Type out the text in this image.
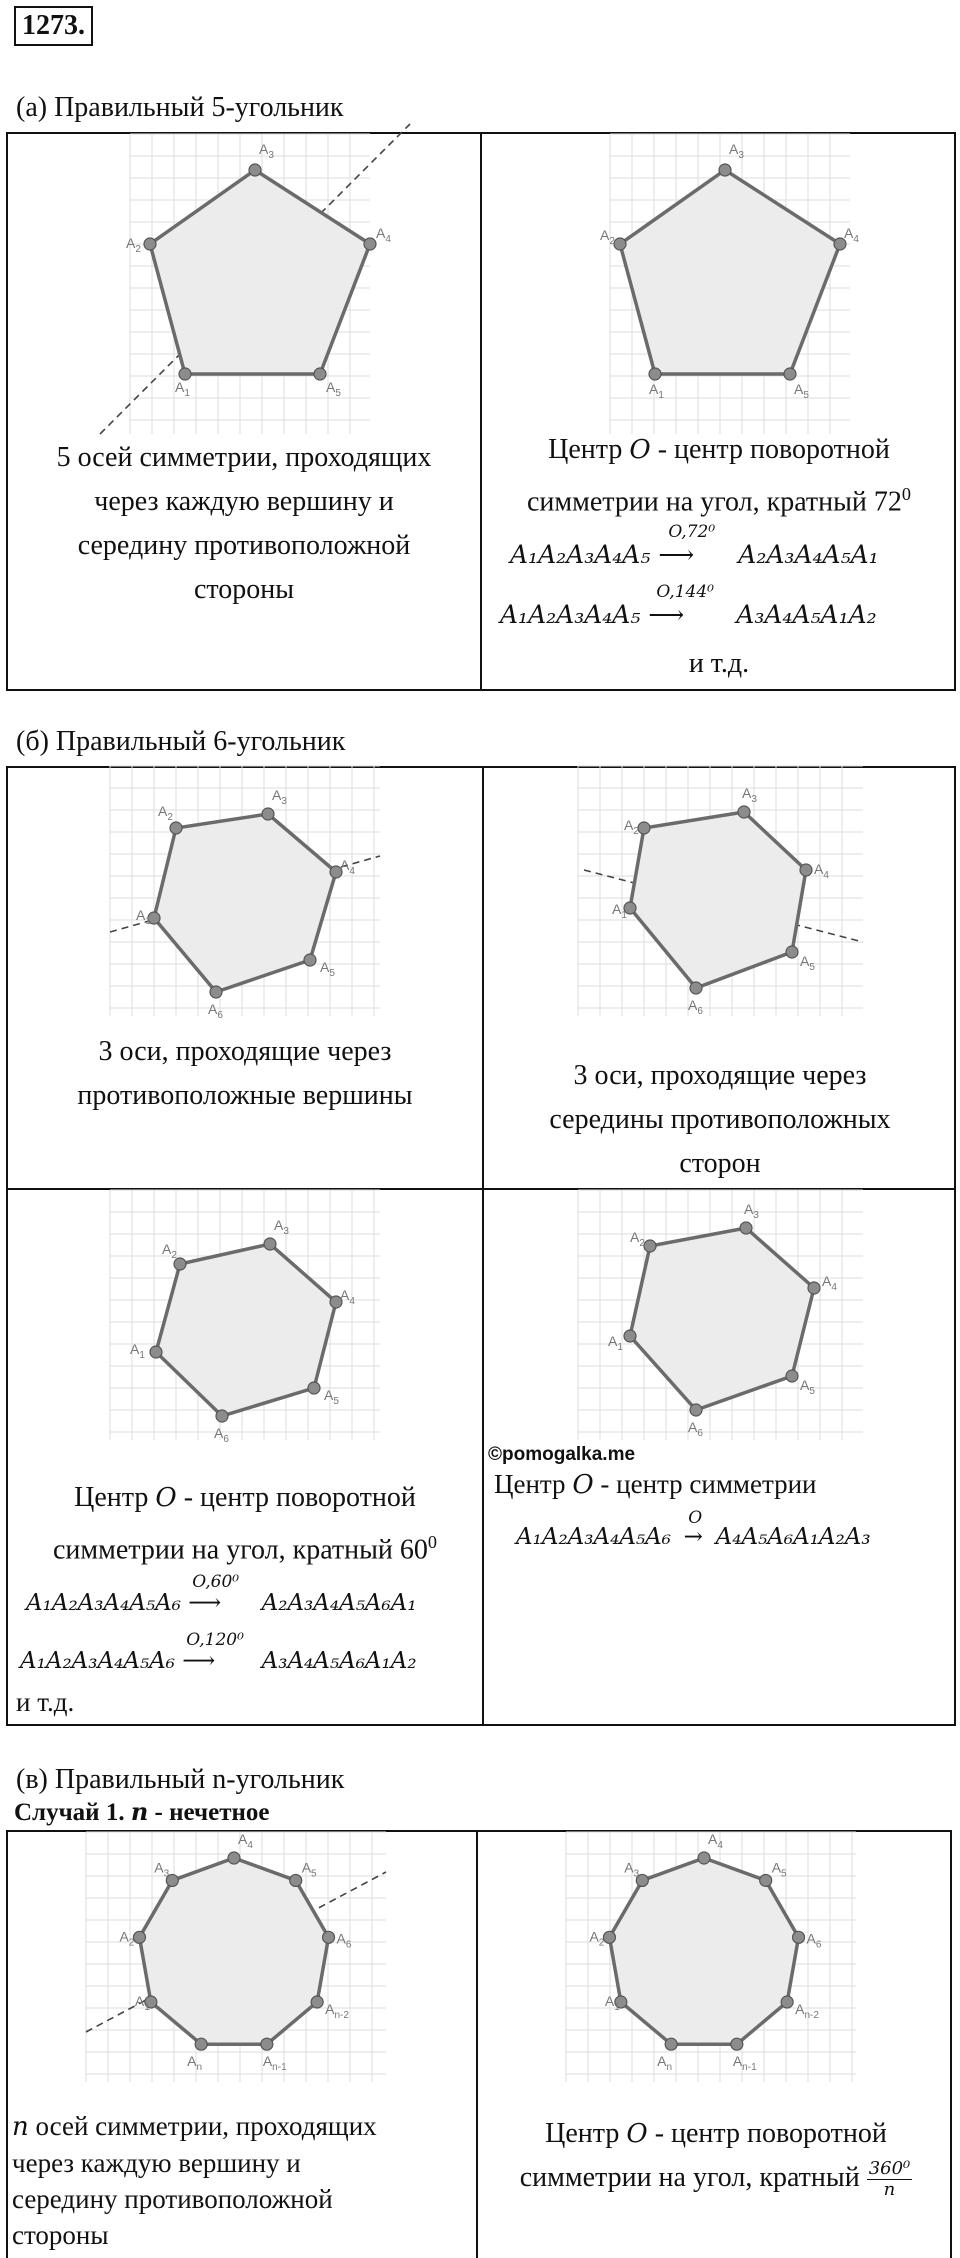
1273.
(а) Правильный 5-угольник
$A_1$
$A_2$
$A_3$
$A_4$
$A_5$	$A_1$
$A_2$
$A_3$
$A_4$
$A_5$
5 осей симметрии, проходящих
через каждую вершину и
середину противоположной
стороны
Центр O - центр поворотной
симметрии на угол, кратный $72^0$
A₁A₂A₃A₄A₅
O,72⁰
⟶ A₂A₃A₄A₅A₁
A₁A₂A₃A₄A₅
O,144⁰
⟶ A₃A₄A₅A₁A₂
и т.д.
(б) Правильный 6-угольник
$A_1$
$A_2$
$A_3$
$A_4$
$A_5$
$A_6$
$A_1$
$A_2$
$A_3$
$A_4$
$A_5$
$A_6$
$A_1$
$A_2$
$A_3$
$A_4$
$A_5$
$A_6$
$A_1$
$A_2$
$A_3$
$A_4$
$A_5$
$A_6$
3 оси, проходящие через
противоположные вершины
3 оси, проходящие через
середины противоположных
сторон
©pomogalka.me
Центр O - центр поворотной
симметрии на угол, кратный $60^0$
A₁A₂A₃A₄A₅A₆
O,60⁰
⟶ A₂A₃A₄A₅A₆A₁
A₁A₂A₃A₄A₅A₆
O,120⁰
⟶ A₃A₄A₅A₆A₁A₂
и т.д.
Центр O - центр симметрии
A₁A₂A₃A₄A₅A₆
O
→ A₄A₅A₆A₁A₂A₃
(в) Правильный n-угольник
Случай 1. n - нечетное
$A_1$
$A_2$
$A_3$
$A_4$
$A_5$
$A_6$
$A_{n-2}$
$A_{n-1}$
$A_n$
$A_1$
$A_2$
$A_3$
$A_4$
$A_5$
$A_6$
$A_{n-2}$
$A_{n-1}$
$A_n$
n осей симметрии, проходящих
через каждую вершину и
середину противоположной
стороны
Центр O - центр поворотной
симметрии на угол, кратный $\frac{\text{360⁰}}{n}$
